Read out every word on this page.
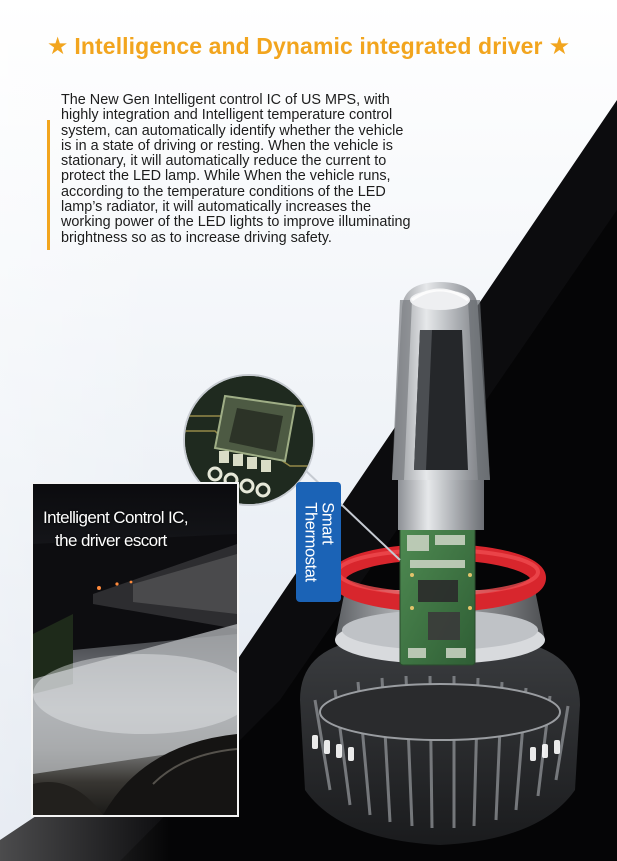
★ Intelligence and Dynamic integrated driver ★
The New Gen Intelligent control IC of US MPS, with
highly integration and Intelligent temperature control
system, can automatically identify whether the vehicle
is in a state of driving or resting. When the vehicle is
stationary, it will automatically reduce the current to
protect the LED lamp. While When the vehicle runs,
according to the temperature conditions of the LED
lamp’s radiator, it will automatically increases the
working power of the LED lights to improve illuminating
brightness so as to increase driving safety.
Intelligent Control IC,
the driver escort	Smart
Thermostat
